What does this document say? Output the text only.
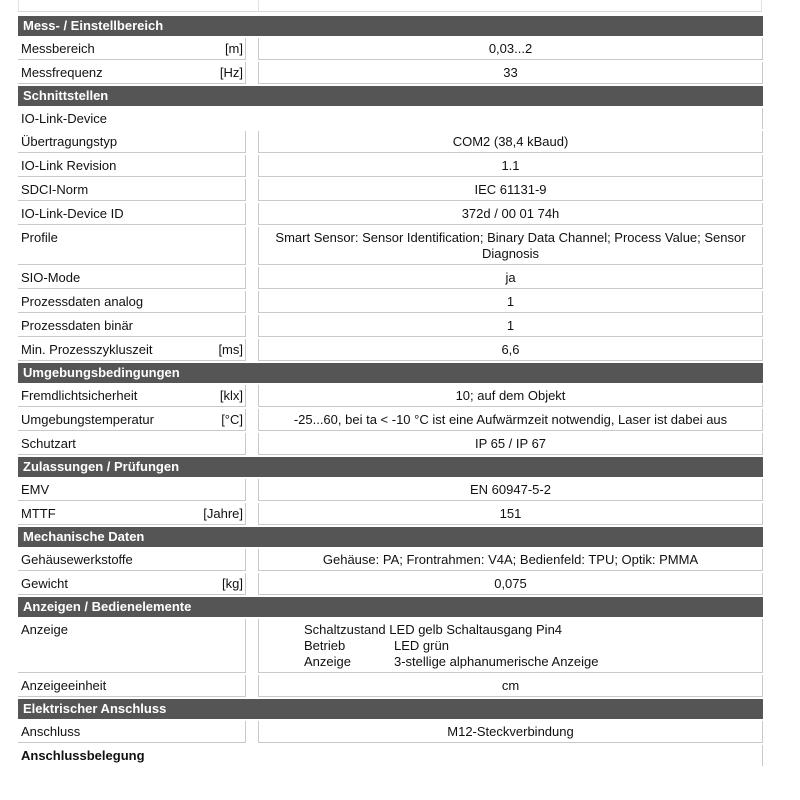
Mess- / Einstellbereich
Messbereich	[m]	0,03...2
Messfrequenz	[Hz]	33
Schnittstellen
IO-Link-Device
Übertragungstyp	COM2 (38,4 kBaud)
IO-Link Revision	1.1
SDCI-Norm	IEC 61131-9
IO-Link-Device ID	372d / 00 01 74h
Profile	Smart Sensor: Sensor Identification; Binary Data Channel; Process Value; Sensor Diagnosis
SIO-Mode	ja
Prozessdaten analog	1
Prozessdaten binär	1
Min. Prozesszykluszeit	[ms]	6,6
Umgebungsbedingungen
Fremdlichtsicherheit	[klx]	10; auf dem Objekt
Umgebungstemperatur	[°C]	-25...60, bei ta < -10 °C ist eine Aufwärmzeit notwendig, Laser ist dabei aus
Schutzart	IP 65 / IP 67
Zulassungen / Prüfungen
EMV	EN 60947-5-2
MTTF	[Jahre]	151
Mechanische Daten
Gehäusewerkstoffe	Gehäuse: PA; Frontrahmen: V4A; Bedienfeld: TPU; Optik: PMMA
Gewicht	[kg]	0,075
Anzeigen / Bedienelemente
Anzeige	Schaltzustand LED gelb Schaltausgang Pin4
Betrieb	LED grün
Anzeige	3-stellige alphanumerische Anzeige
Anzeigeeinheit	cm
Elektrischer Anschluss
Anschluss	M12-Steckverbindung
Anschlussbelegung
